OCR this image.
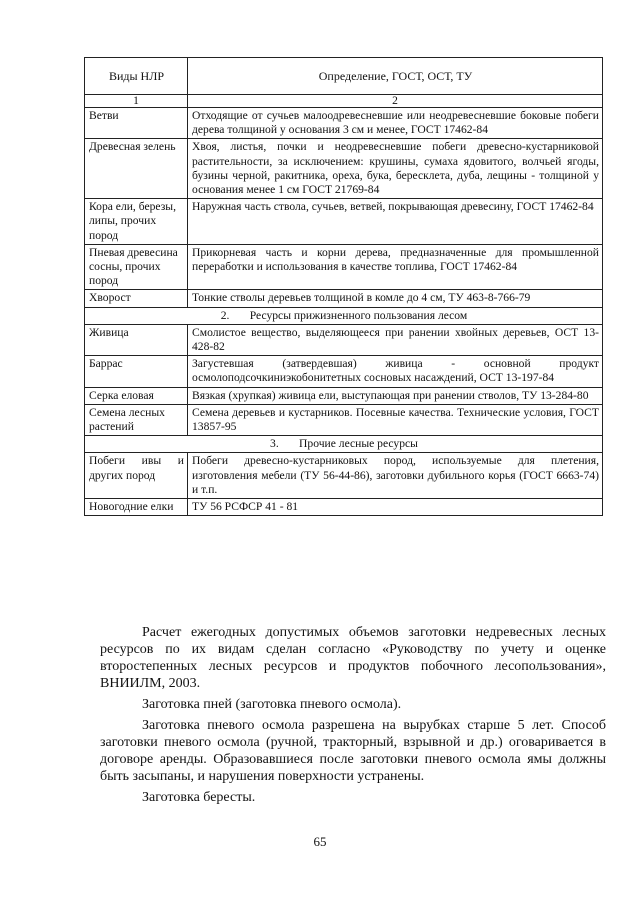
Виды НЛР	Определение, ГОСТ, ОСТ, ТУ
1	2
Ветви	Отходящие от сучьев малоодревесневшие или неодревесневшие боковые побеги дерева толщиной у основания 3 см и менее, ГОСТ 17462-84
Древесная зелень	Хвоя, листья, почки и неодревесневшие побеги древесно-кустарниковой растительности, за исключением: крушины, сумаха ядовитого, волчьей ягоды, бузины черной, ракитника, ореха, бука, бересклета, дуба, лещины - толщиной у основания менее 1 см ГОСТ 21769-84
Кора ели, березы, липы, прочих пород	Наружная часть ствола, сучьев, ветвей, покрывающая древесину, ГОСТ 17462-84
Пневая древесина сосны, прочих пород	Прикорневая часть и корни дерева, предназначенные для промышленной переработки и использования в качестве топлива, ГОСТ 17462-84
Хворост	Тонкие стволы деревьев толщиной в комле до 4 см, ТУ 463-8-766-79
2.       Ресурсы прижизненного пользования лесом	
Живица	Смолистое вещество, выделяющееся при ранении хвойных деревьев, ОСТ 13-428-82
Баррас	Загустевшая (затвердевшая) живица - основной продукт осмолоподсочкиниэкобонитетных сосновых насаждений, ОСТ 13-197-84
Серка еловая	Вязкая (хрупкая) живица ели, выступающая при ранении стволов, ТУ 13-284-80
Семена лесных растений	Семена деревьев и кустарников. Посевные качества. Технические условия, ГОСТ 13857-95
3.       Прочие лесные ресурсы	
Побеги ивы и других пород	Побеги древесно-кустарниковых пород, используемые для плетения, изготовления мебели (ТУ 56-44-86), заготовки дубильного корья (ГОСТ 6663-74) и т.п.
Новогодние елки	ТУ 56 РСФСР 41 - 81

Расчет ежегодных допустимых объемов заготовки недревесных лесных ресурсов по их видам сделан согласно «Руководству по учету и оценке второстепенных лесных ресурсов и продуктов побочного лесопользования», ВНИИЛМ, 2003.

Заготовка пней (заготовка пневого осмола).

Заготовка пневого осмола разрешена на вырубках старше 5 лет. Способ заготовки пневого осмола (ручной, тракторный, взрывной и др.) оговаривается в договоре аренды. Образовавшиеся после заготовки пневого осмола ямы должны быть засыпаны, и нарушения поверхности устранены.

Заготовка бересты.

65
